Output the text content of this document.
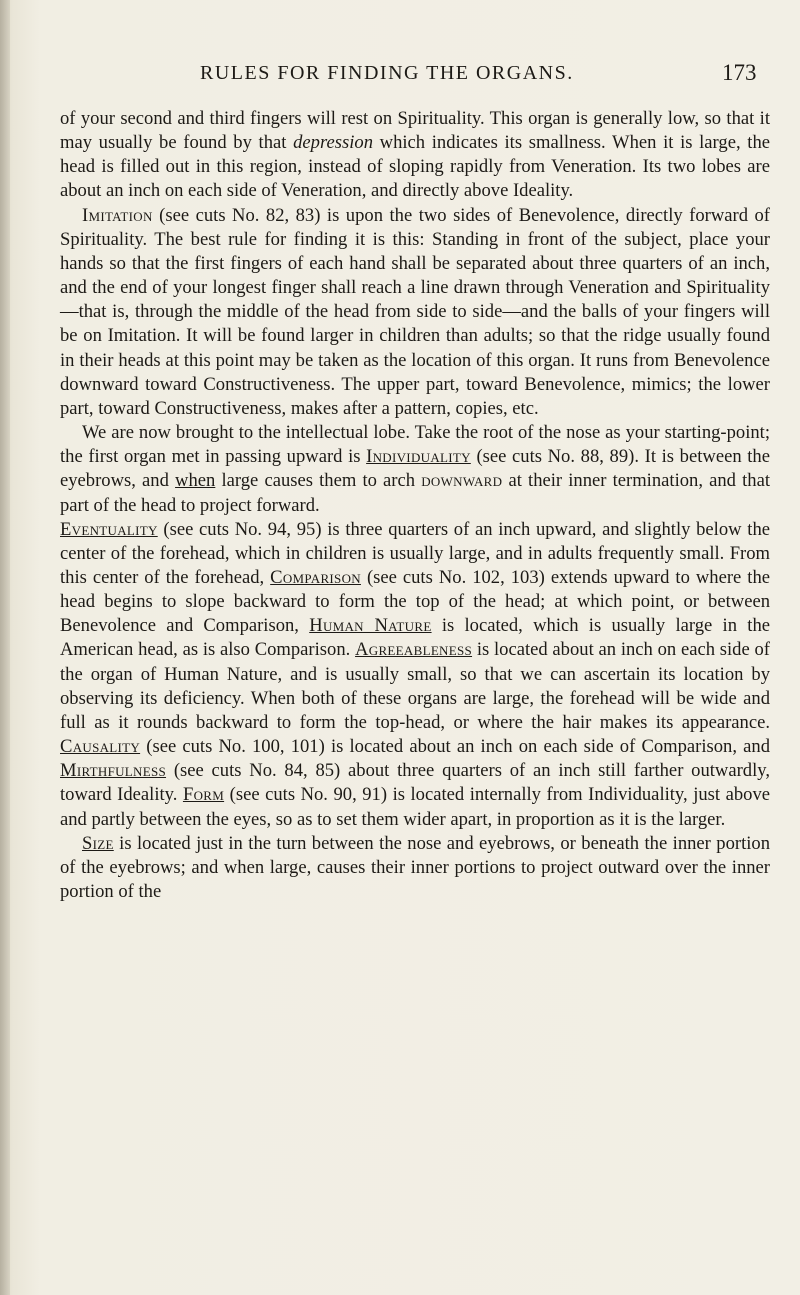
RULES FOR FINDING THE ORGANS.	173

of your second and third fingers will rest on Spirituality. This organ is generally low, so that it may usually be found by that depression which indicates its smallness. When it is large, the head is filled out in this region, instead of sloping rapidly from Veneration. Its two lobes are about an inch on each side of Veneration, and directly above Ideality.

Imitation (see cuts No. 82, 83) is upon the two sides of Benevolence, directly forward of Spirituality. The best rule for finding it is this: Standing in front of the subject, place your hands so that the first fingers of each hand shall be separated about three quarters of an inch, and the end of your longest finger shall reach a line drawn through Veneration and Spirituality—that is, through the middle of the head from side to side—and the balls of your fingers will be on Imitation. It will be found larger in children than adults; so that the ridge usually found in their heads at this point may be taken as the location of this organ. It runs from Benevolence downward toward Constructiveness. The upper part, toward Benevolence, mimics; the lower part, toward Constructiveness, makes after a pattern, copies, etc.

We are now brought to the intellectual lobe. Take the root of the nose as your starting-point; the first organ met in passing upward is Individuality (see cuts No. 88, 89). It is between the eyebrows, and when large causes them to arch downward at their inner termination, and that part of the head to project forward.

Eventuality (see cuts No. 94, 95) is three quarters of an inch upward, and slightly below the center of the forehead, which in children is usually large, and in adults frequently small. From this center of the forehead, Comparison (see cuts No. 102, 103) extends upward to where the head begins to slope backward to form the top of the head; at which point, or between Benevolence and Comparison, Human Nature is located, which is usually large in the American head, as is also Comparison. Agreeableness is located about an inch on each side of the organ of Human Nature, and is usually small, so that we can ascertain its location by observing its deficiency. When both of these organs are large, the forehead will be wide and full as it rounds backward to form the top-head, or where the hair makes its appearance. Causality (see cuts No. 100, 101) is located about an inch on each side of Comparison, and Mirthfulness (see cuts No. 84, 85) about three quarters of an inch still farther outwardly, toward Ideality. Form (see cuts No. 90, 91) is located internally from Individuality, just above and partly between the eyes, so as to set them wider apart, in proportion as it is the larger.

Size is located just in the turn between the nose and eyebrows, or beneath the inner portion of the eyebrows; and when large, causes their inner portions to project outward over the inner portion of the
